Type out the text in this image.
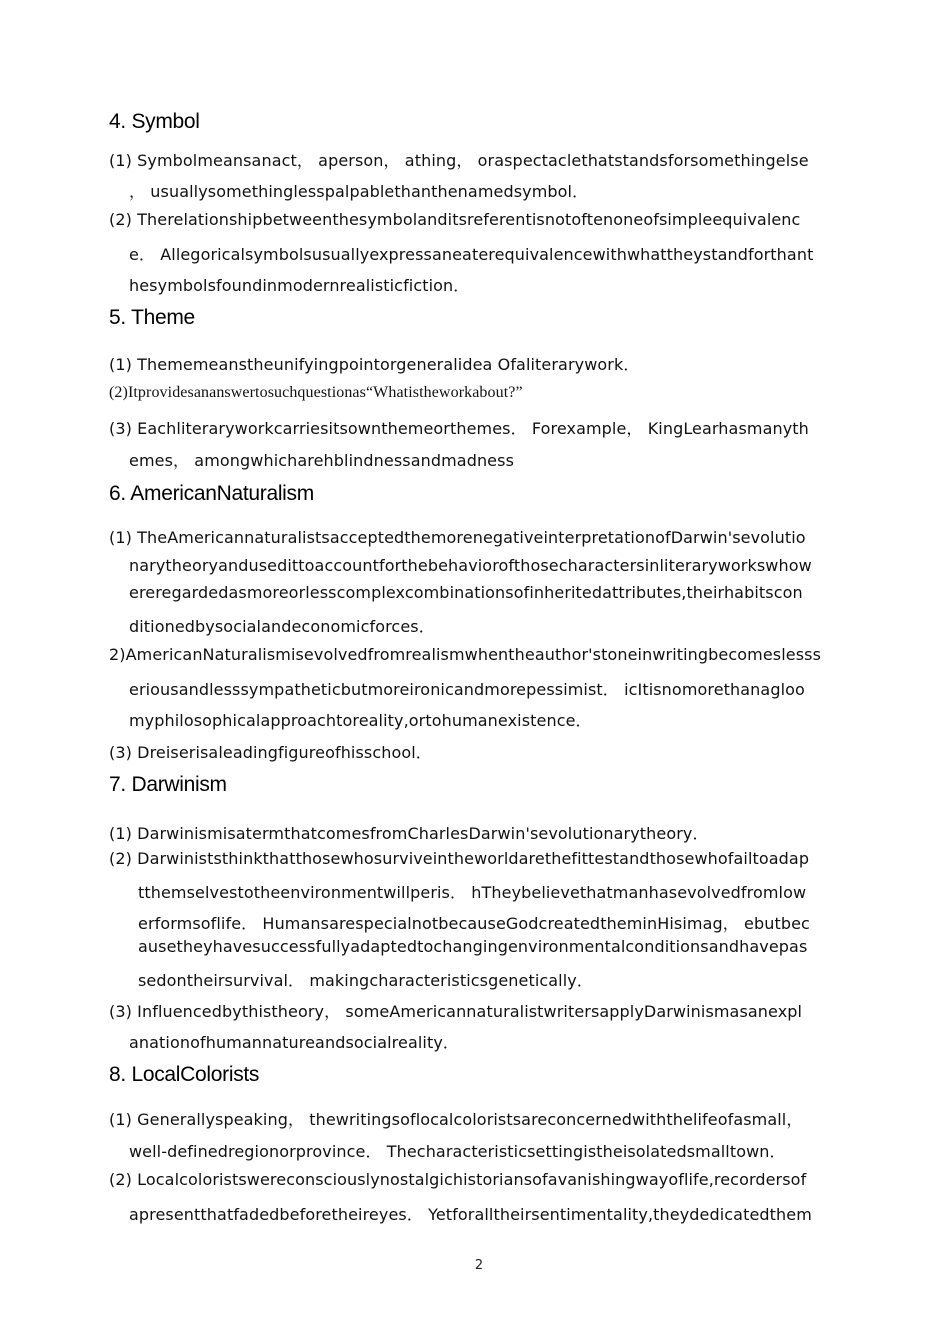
4. Symbol
(1) Symbolmeansanact， aperson， athing， oraspectaclethatstandsforsomethingelse
， usuallysomethinglesspalpablethanthenamedsymbol．
(2) Therelationshipbetweenthesymbolanditsreferentisnotoftenoneofsimpleequivalenc
e． Allegoricalsymbolsusuallyexpressaneaterequivalencewithwhattheystandforthant
hesymbolsfoundinmodernrealisticfiction．
5. Theme
(1) Thememeanstheunifyingpointorgeneralidea Ofaliterarywork．
(2)Itprovidesananswertosuchquestionas“Whatistheworkabout?”
(3) Eachliteraryworkcarriesitsownthemeorthemes． Forexample， KingLearhasmanyth
emes， amongwhicharehblindnessandmadness
6. AmericanNaturalism
(1) TheAmericannaturalistsacceptedthemorenegativeinterpretationofDarwin'sevolutio
narytheoryandusedittoaccountforthebehaviorofthosecharactersinliteraryworkswhow
ereregardedasmoreorlesscomplexcombinationsofinheritedattributes,theirhabitscon
ditionedbysocialandeconomicforces．
2)AmericanNaturalismisevolvedfromrealismwhentheauthor'stoneinwritingbecomeslesss
eriousandlesssympatheticbutmoreironicandmorepessimist． icItisnomorethanagloo
myphilosophicalapproachtoreality,ortohumanexistence．
(3) Dreiserisaleadingfigureofhisschool．
7. Darwinism
(1) DarwinismisatermthatcomesfromCharlesDarwin'sevolutionarytheory．
(2) Darwiniststhinkthatthosewhosurviveintheworldarethefittestandthosewhofailtoadap
tthemselvestotheenvironmentwillperis． hTheybelievethatmanhasevolvedfromlow
erformsoflife． HumansarespecialnotbecauseGodcreatedtheminHisimag， ebutbec
ausetheyhavesuccessfullyadaptedtochangingenvironmentalconditionsandhavepas
sedontheirsurvival． makingcharacteristicsgenetically．
(3) Influencedbythistheory， someAmericannaturalistwritersapplyDarwinismasanexpl
anationofhumannatureandsocialreality．
8. LocalColorists
(1) Generallyspeaking， thewritingsoflocalcoloristsareconcernedwiththelifeofasmall，
well-definedregionorprovince． Thecharacteristicsettingistheisolatedsmalltown．
(2) Localcoloristswereconsciouslynostalgichistoriansofavanishingwayoflife,recordersof
apresentthatfadedbeforetheireyes． Yetforalltheirsentimentality,theydedicatedthem
2
